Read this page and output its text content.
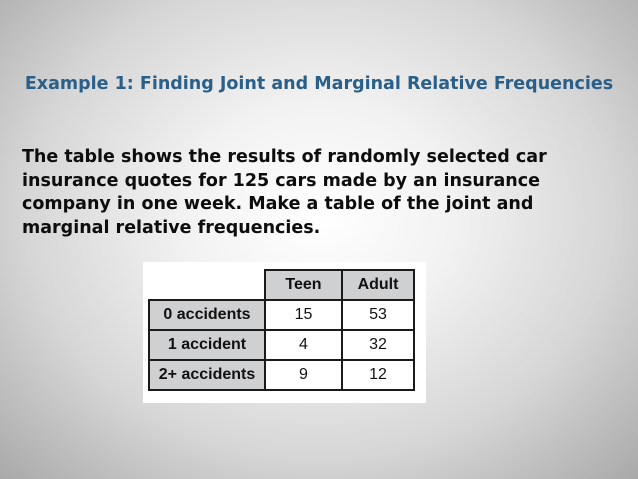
Example 1: Finding Joint and Marginal Relative Frequencies
The table shows the results of randomly selected car insurance quotes for 125 cars made by an insurance company in one week. Make a table of the joint and marginal relative frequencies.
	Teen	Adult
0 accidents	15	53
1 accident	4	32
2+ accidents	9	12
